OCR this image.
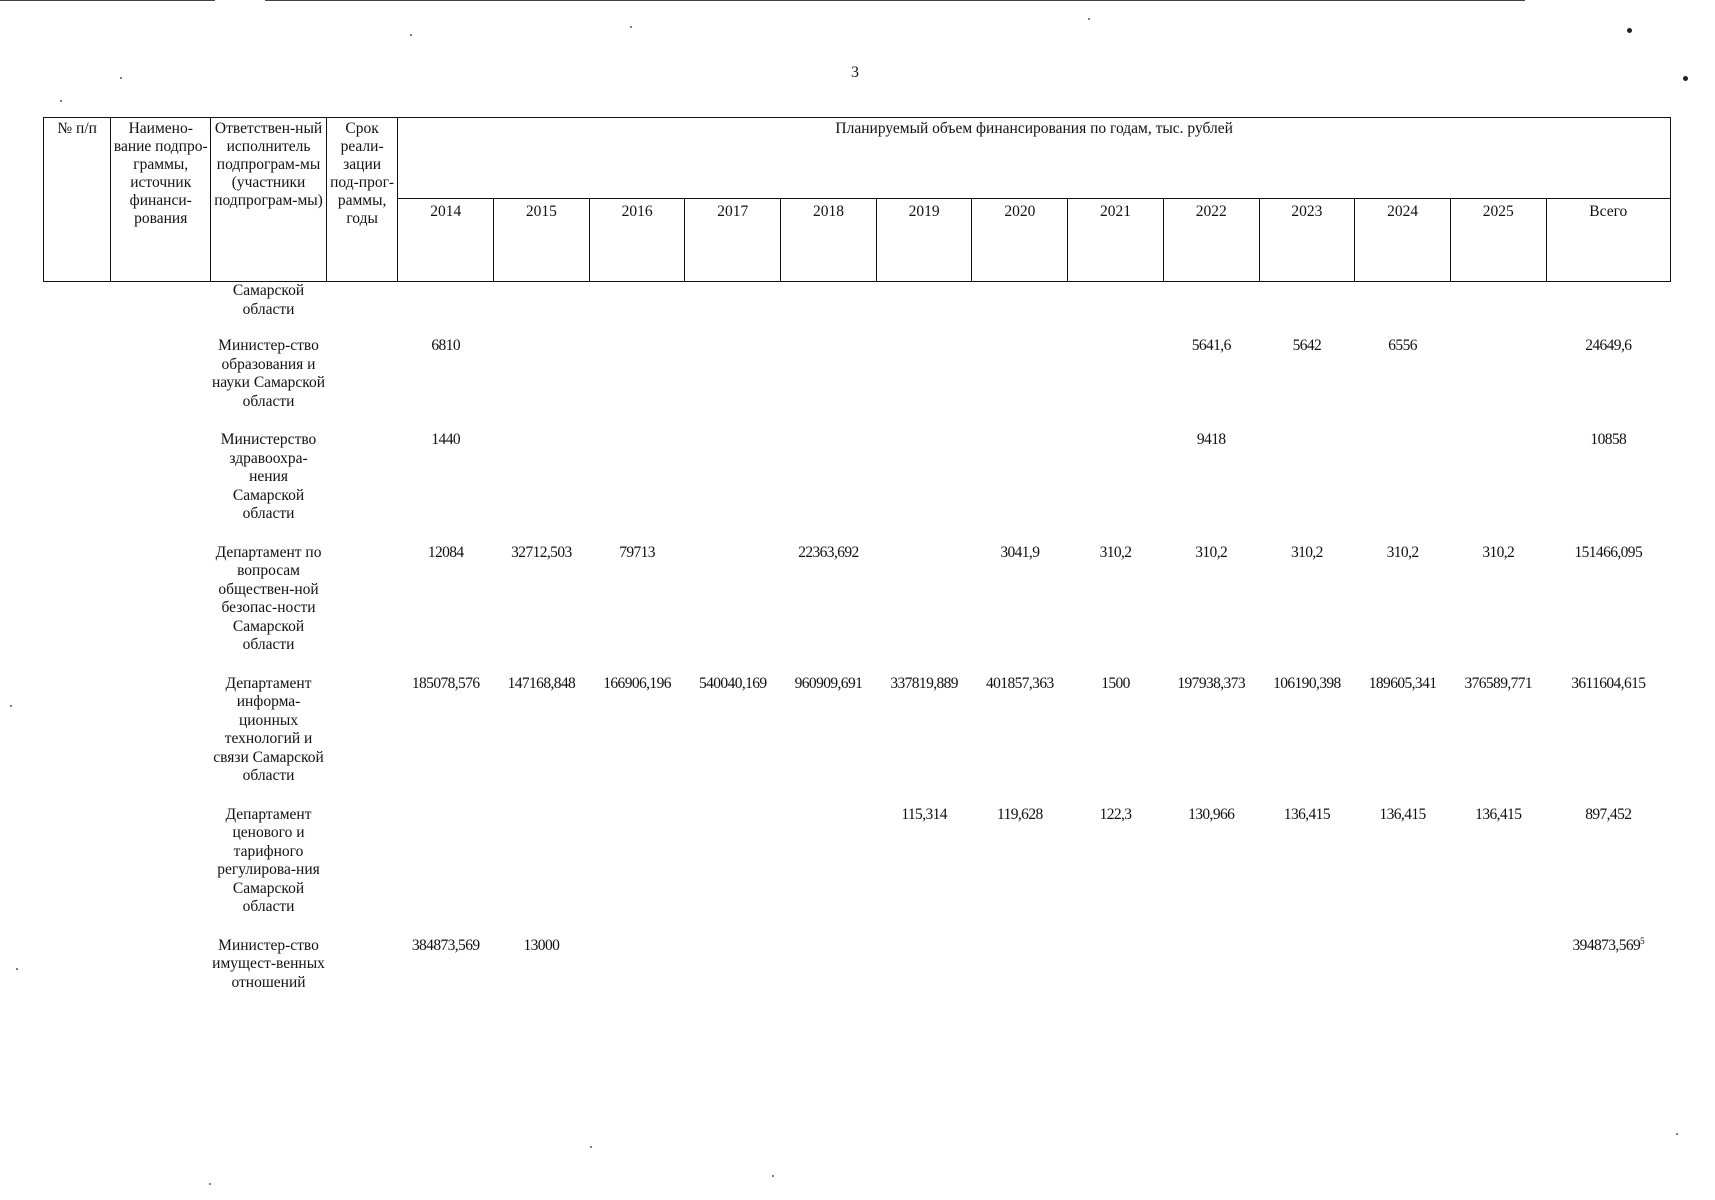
3
№ п/п	Наимено-вание подпро-граммы, источник финанси-рования	Ответствен-ный исполнитель подпрограм-мы (участники подпрограм-мы)	Срок реали-зации под-прог-раммы, годы	Планируемый объем финансирования по годам, тыс. рублей												
				2014	2015	2016	2017	2018	2019	2020	2021	2022	2023	2024	2025	Всего
		Самарской области														
		Министер-ство образования и науки Самарской области		6810								5641,6	5642	6556		24649,6
		Министерство здравоохра-нения Самарской области		1440								9418				10858
		Департамент по вопросам обществен-ной безопас-ности Самарской области		12084	32712,503	79713		22363,692		3041,9	310,2	310,2	310,2	310,2	310,2	151466,095
		Департамент информа-ционных технологий и связи Самарской области		185078,576	147168,848	166906,196	540040,169	960909,691	337819,889	401857,363	1500	197938,373	106190,398	189605,341	376589,771	3611604,615
		Департамент ценового и тарифного регулирова-ния Самарской области							115,314	119,628	122,3	130,966	136,415	136,415	136,415	897,452
		Министер-ство имущест-венных отношений		384873,569	13000											394873,569$^5$
